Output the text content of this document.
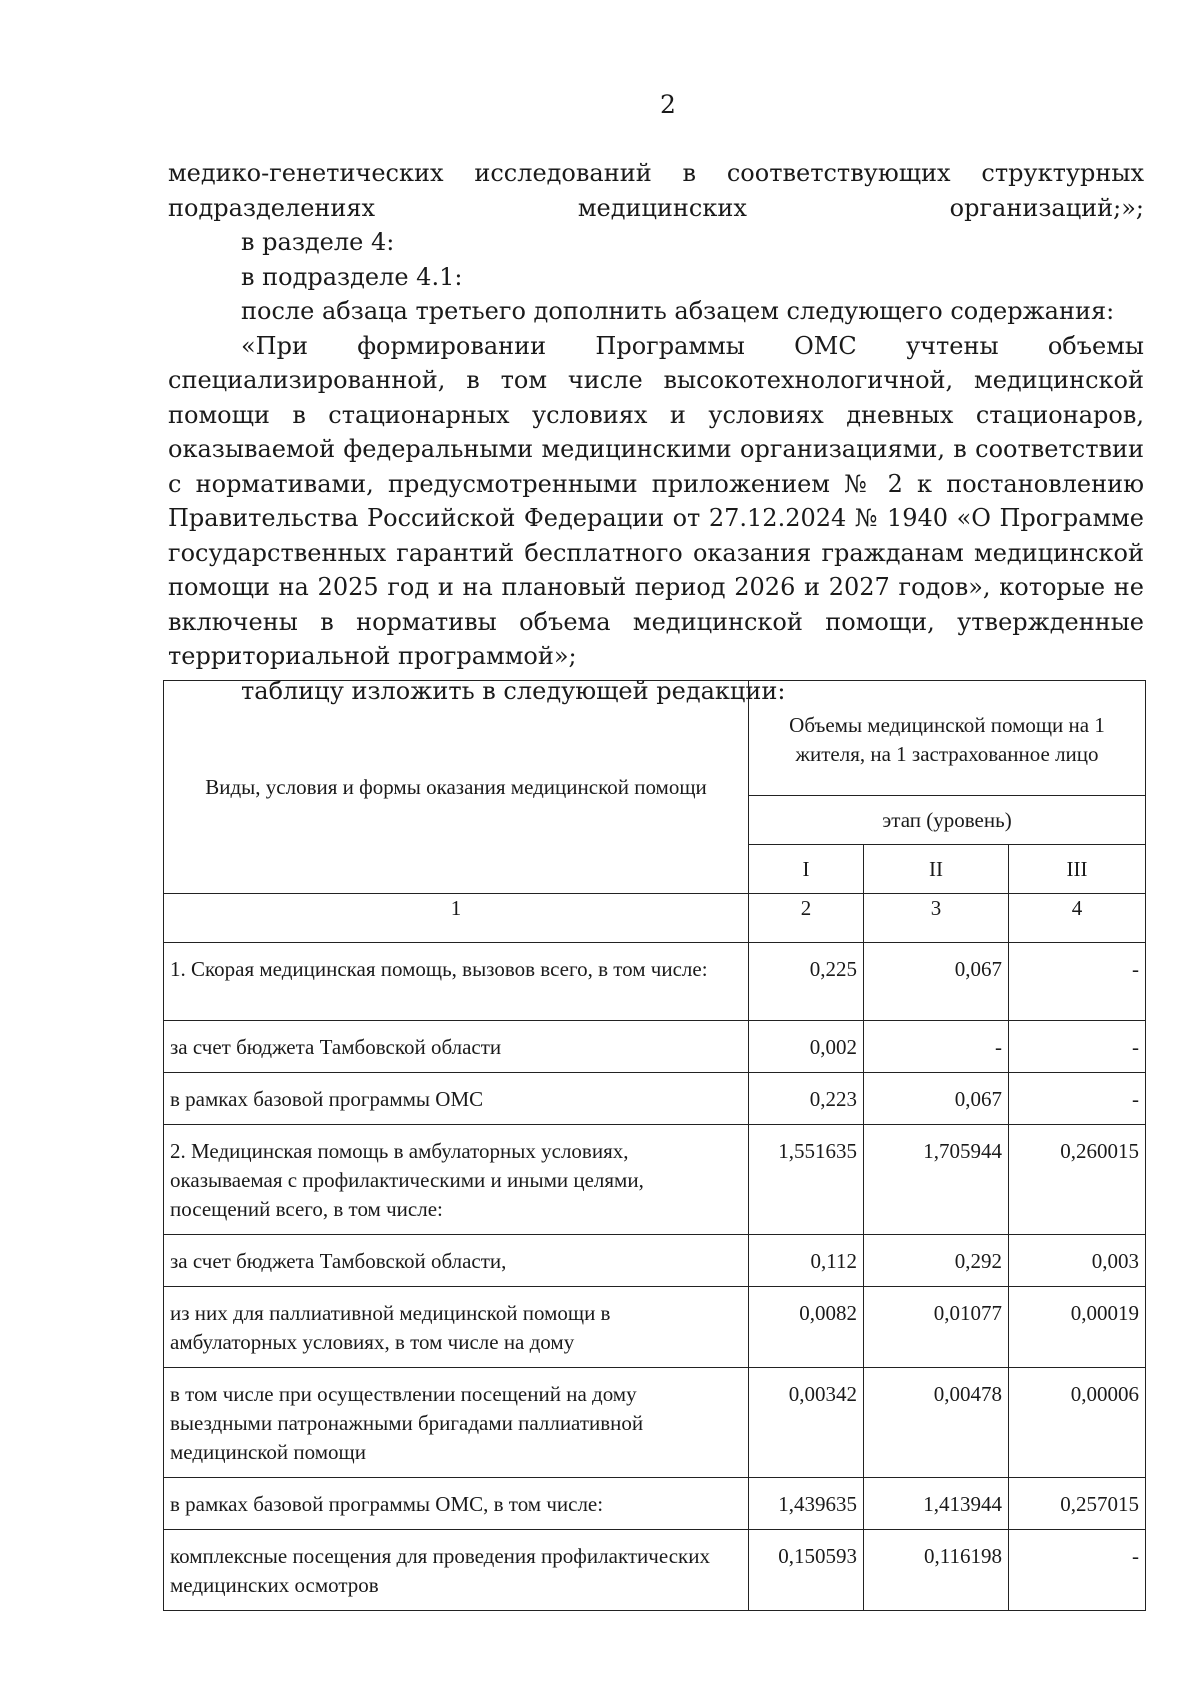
2

медико-генетических исследований в соответствующих структурных подразделениях медицинских организаций;»;

в разделе 4:

в подразделе 4.1:

после абзаца третьего дополнить абзацем следующего содержания:

«При формировании Программы ОМС учтены объемы специализированной, в том числе высокотехнологичной, медицинской помощи в стационарных условиях и условиях дневных стационаров, оказываемой федеральными медицинскими организациями, в соответствии с нормативами, предусмотренными приложением № 2 к постановлению Правительства Российской Федерации от 27.12.2024 № 1940 «О Программе государственных гарантий бесплатного оказания гражданам медицинской помощи на 2025 год и на плановый период 2026 и 2027 годов», которые не включены в нормативы объема медицинской помощи, утвержденные территориальной программой»;

таблицу изложить в следующей редакции:

Виды, условия и формы оказания медицинской помощи	Объемы медицинской помощи на 1 жителя, на 1 застрахованное лицо		
	этап (уровень)		
	I	II	III
1	2	3	4
1. Скорая медицинская помощь, вызовов всего, в том числе:	0,225	0,067	-
за счет бюджета Тамбовской области	0,002	-	-
в рамках базовой программы ОМС	0,223	0,067	-
2. Медицинская помощь в амбулаторных условиях, оказываемая с профилактическими и иными целями, посещений всего, в том числе:	1,551635	1,705944	0,260015
за счет бюджета Тамбовской области,	0,112	0,292	0,003
из них для паллиативной медицинской помощи в амбулаторных условиях, в том числе на дому	0,0082	0,01077	0,00019
в том числе при осуществлении посещений на дому выездными патронажными бригадами паллиативной медицинской помощи	0,00342	0,00478	0,00006
в рамках базовой программы ОМС, в том числе:	1,439635	1,413944	0,257015
комплексные посещения для проведения профилактических медицинских осмотров	0,150593	0,116198	-
